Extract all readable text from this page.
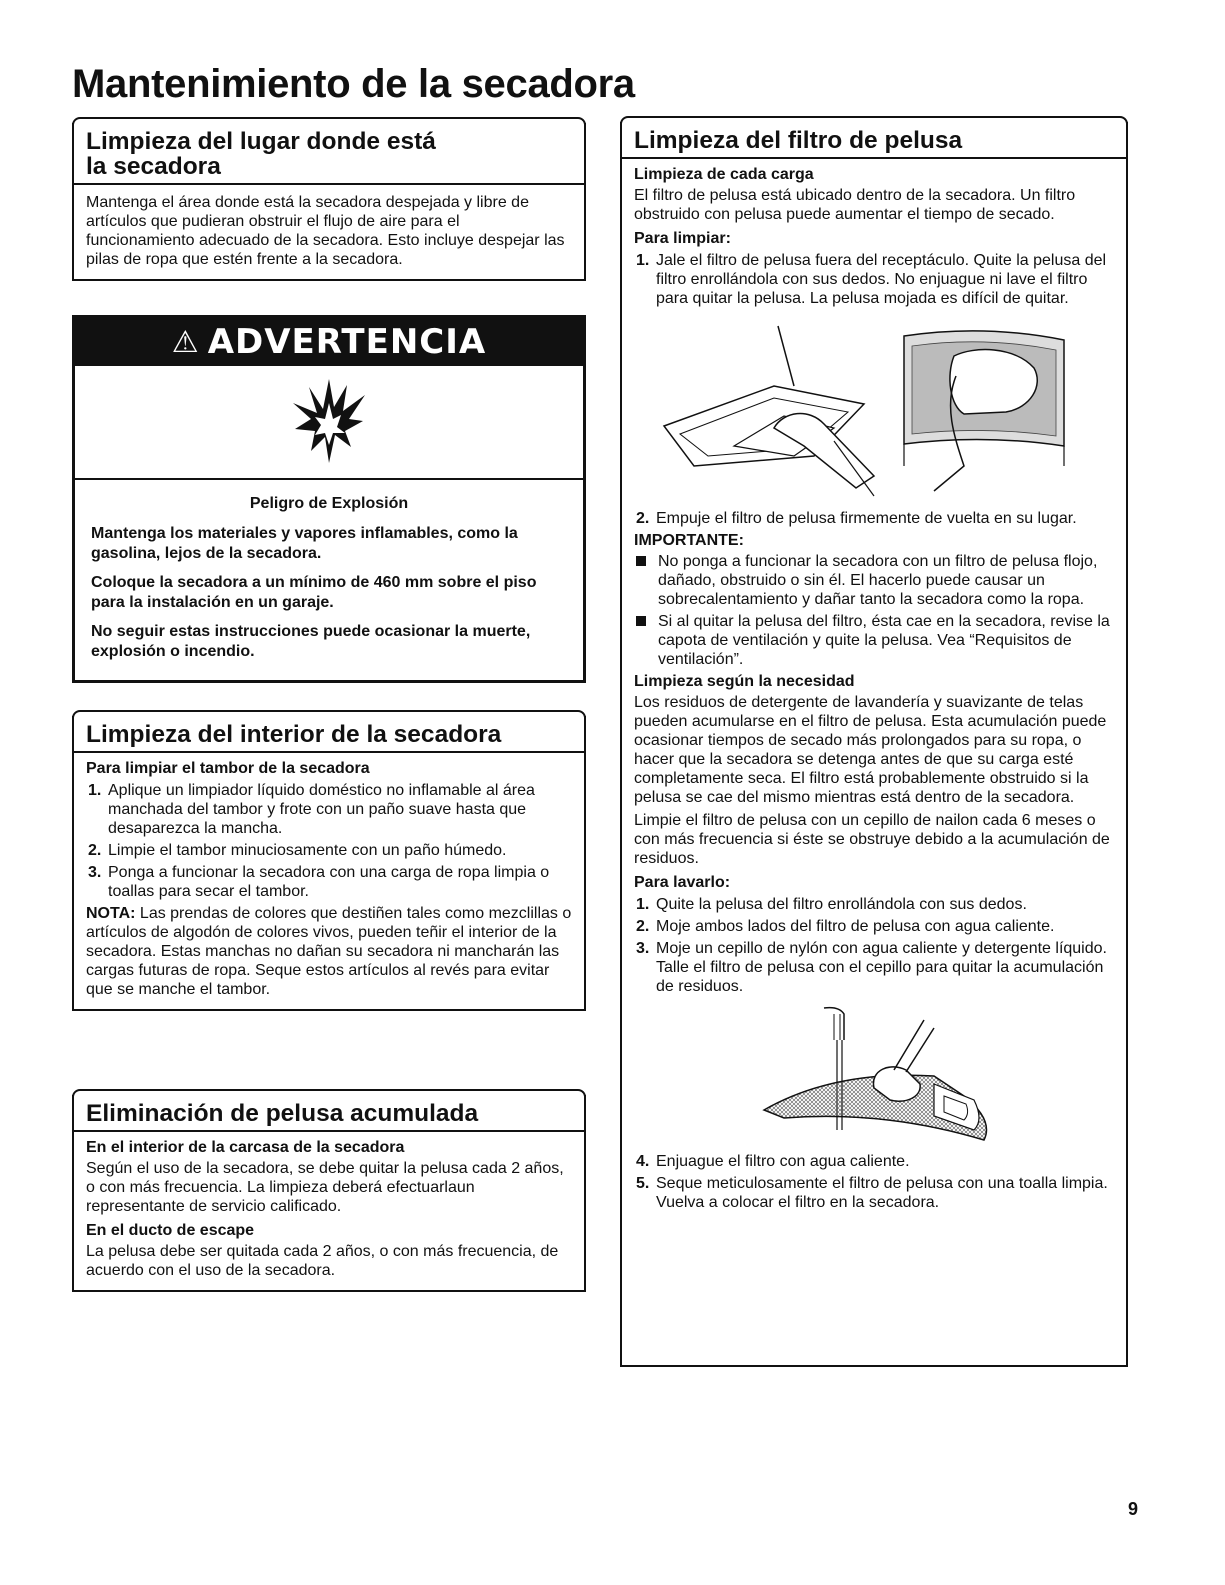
Mantenimiento de la secadora
Limpieza del lugar donde está
la secadora
Mantenga el área donde está la secadora despejada y libre de artículos que pudieran obstruir el flujo de aire para el funcionamiento adecuado de la secadora. Esto incluye despejar las pilas de ropa que estén frente a la secadora.
⚠ ADVERTENCIA
Peligro de Explosión
Mantenga los materiales y vapores inflamables, como la gasolina, lejos de la secadora.
Coloque la secadora a un mínimo de 460 mm sobre el piso para la instalación en un garaje.
No seguir estas instrucciones puede ocasionar la muerte, explosión o incendio.
Limpieza del interior de la secadora
Para limpiar el tambor de la secadora
1. Aplique un limpiador líquido doméstico no inflamable al área manchada del tambor y frote con un paño suave hasta que desaparezca la mancha.
2. Limpie el tambor minuciosamente con un paño húmedo.
3. Ponga a funcionar la secadora con una carga de ropa limpia o toallas para secar el tambor.
NOTA: Las prendas de colores que destiñen tales como mezclillas o artículos de algodón de colores vivos, pueden teñir el interior de la secadora. Estas manchas no dañan su secadora ni mancharán las cargas futuras de ropa. Seque estos artículos al revés para evitar que se manche el tambor.
Eliminación de pelusa acumulada
En el interior de la carcasa de la secadora
Según el uso de la secadora, se debe quitar la pelusa cada 2 años, o con más frecuencia. La limpieza deberá efectuarlaun representante de servicio calificado.
En el ducto de escape
La pelusa debe ser quitada cada 2 años, o con más frecuencia, de acuerdo con el uso de la secadora.
Limpieza del filtro de pelusa
Limpieza de cada carga
El filtro de pelusa está ubicado dentro de la secadora. Un filtro obstruido con pelusa puede aumentar el tiempo de secado.
Para limpiar:
1. Jale el filtro de pelusa fuera del receptáculo. Quite la pelusa del filtro enrollándola con sus dedos. No enjuague ni lave el filtro para quitar la pelusa. La pelusa mojada es difícil de quitar.
2. Empuje el filtro de pelusa firmemente de vuelta en su lugar.
IMPORTANTE:
No ponga a funcionar la secadora con un filtro de pelusa flojo, dañado, obstruido o sin él. El hacerlo puede causar un sobrecalentamiento y dañar tanto la secadora como la ropa.
Si al quitar la pelusa del filtro, ésta cae en la secadora, revise la capota de ventilación y quite la pelusa. Vea “Requisitos de ventilación”.
Limpieza según la necesidad
Los residuos de detergente de lavandería y suavizante de telas pueden acumularse en el filtro de pelusa. Esta acumulación puede ocasionar tiempos de secado más prolongados para su ropa, o hacer que la secadora se detenga antes de que su carga esté completamente seca. El filtro está probablemente obstruido si la pelusa se cae del mismo mientras está dentro de la secadora.
Limpie el filtro de pelusa con un cepillo de nailon cada 6 meses o con más frecuencia si éste se obstruye debido a la acumulación de residuos.
Para lavarlo:
1. Quite la pelusa del filtro enrollándola con sus dedos.
2. Moje ambos lados del filtro de pelusa con agua caliente.
3. Moje un cepillo de nylón con agua caliente y detergente líquido. Talle el filtro de pelusa con el cepillo para quitar la acumulación de residuos.
4. Enjuague el filtro con agua caliente.
5. Seque meticulosamente el filtro de pelusa con una toalla limpia. Vuelva a colocar el filtro en la secadora.
9
